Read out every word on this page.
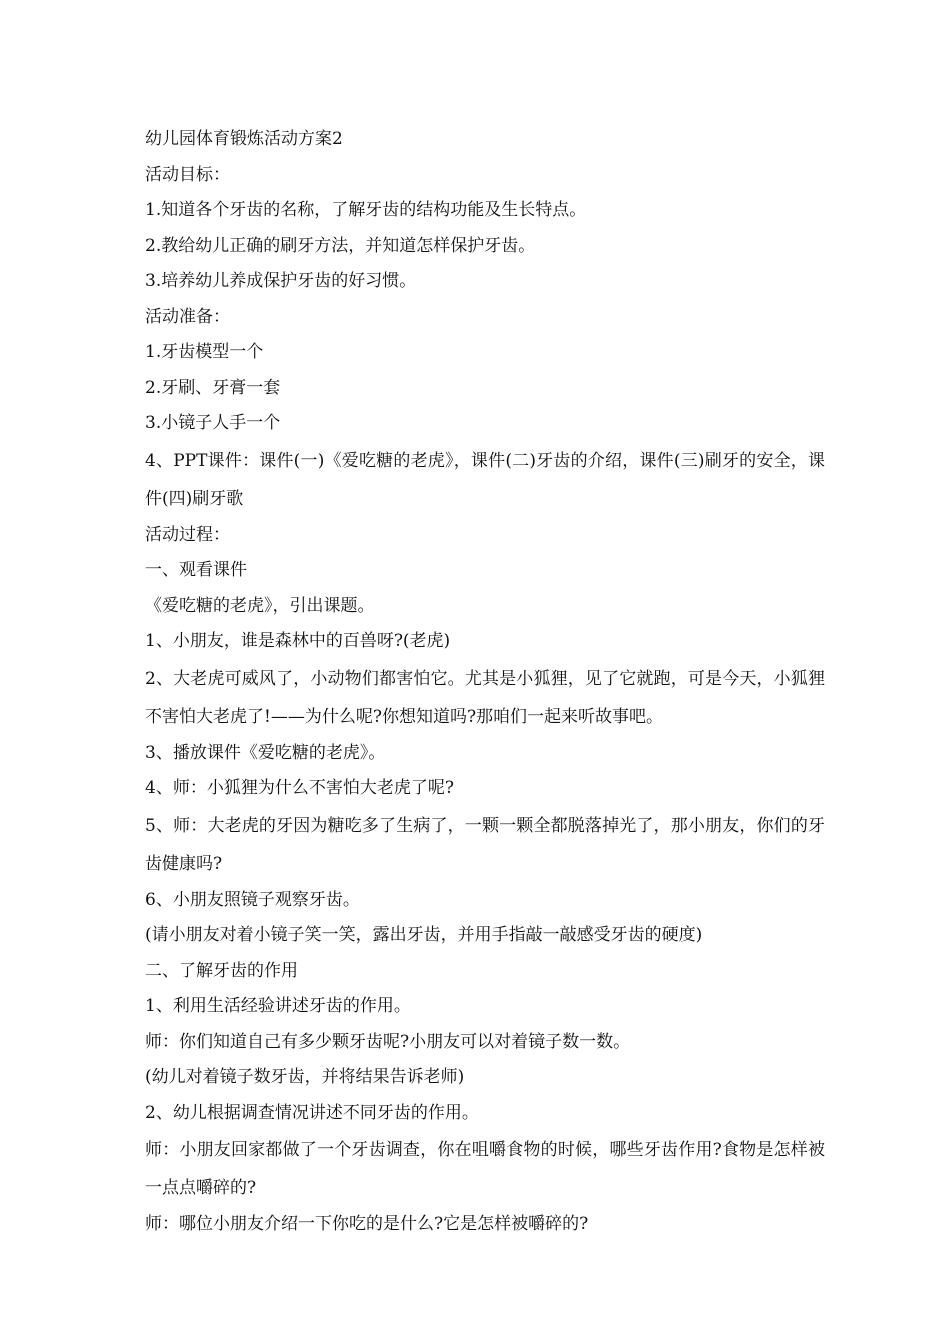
幼儿园体育锻炼活动方案2
活动目标：
1.知道各个牙齿的名称，了解牙齿的结构功能及生长特点。
2.教给幼儿正确的刷牙方法，并知道怎样保护牙齿。
3.培养幼儿养成保护牙齿的好习惯。
活动准备：
1.牙齿模型一个
2.牙刷、牙膏一套
3.小镜子人手一个
4、PPT课件：课件(一)《爱吃糖的老虎》，课件(二)牙齿的介绍，课件(三)刷牙的安全，课件(四)刷牙歌
活动过程：
一、观看课件
《爱吃糖的老虎》，引出课题。
1、小朋友，谁是森林中的百兽呀?(老虎)
2、大老虎可威风了，小动物们都害怕它。尤其是小狐狸，见了它就跑，可是今天，小狐狸不害怕大老虎了!——为什么呢?你想知道吗?那咱们一起来听故事吧。
3、播放课件《爱吃糖的老虎》。
4、师：小狐狸为什么不害怕大老虎了呢?
5、师：大老虎的牙因为糖吃多了生病了，一颗一颗全都脱落掉光了，那小朋友，你们的牙齿健康吗?
6、小朋友照镜子观察牙齿。
(请小朋友对着小镜子笑一笑，露出牙齿，并用手指敲一敲感受牙齿的硬度)
二、了解牙齿的作用
1、利用生活经验讲述牙齿的作用。
师：你们知道自己有多少颗牙齿呢?小朋友可以对着镜子数一数。
(幼儿对着镜子数牙齿，并将结果告诉老师)
2、幼儿根据调查情况讲述不同牙齿的作用。
师：小朋友回家都做了一个牙齿调查，你在咀嚼食物的时候，哪些牙齿作用?食物是怎样被一点点嚼碎的?
师：哪位小朋友介绍一下你吃的是什么?它是怎样被嚼碎的?
